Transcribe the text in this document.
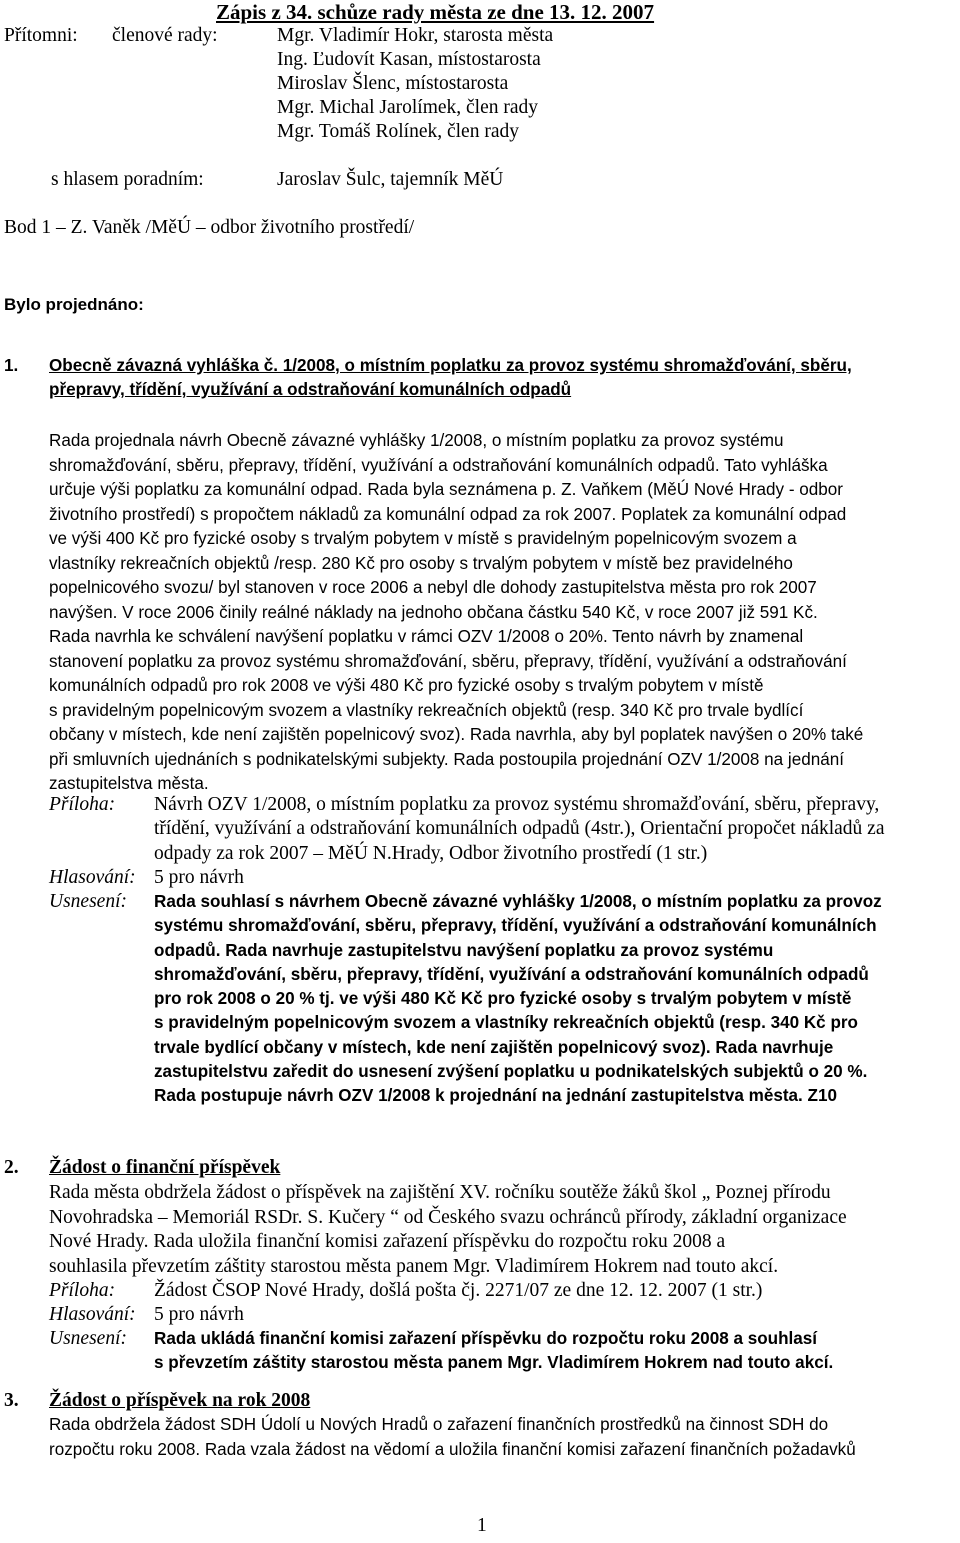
Zápis z 34. schůze rady města ze dne 13. 12. 2007
Přítomni: členové rady:	Mgr. Vladimír Hokr, starosta města
Ing. Ľudovít Kasan, místostarosta
Miroslav Šlenc, místostarosta
Mgr. Michal Jarolímek, člen rady
Mgr. Tomáš Rolínek, člen rady
s hlasem poradním:	Jaroslav Šulc, tajemník MěÚ
Bod 1 – Z. Vaněk /MěÚ – odbor životního prostředí/
Bylo projednáno:
1. Obecně závazná vyhláška č. 1/2008, o místním poplatku za provoz systému shromažďování, sběru,
přepravy, třídění, využívání a odstraňování komunálních odpadů
Rada projednala návrh Obecně závazné vyhlášky 1/2008, o místním poplatku za provoz systému
shromažďování, sběru, přepravy, třídění, využívání a odstraňování komunálních odpadů. Tato vyhláška
určuje výši poplatku za komunální odpad. Rada byla seznámena p. Z. Vaňkem (MěÚ Nové Hrady - odbor
životního prostředí) s propočtem nákladů za komunální odpad za rok 2007. Poplatek za komunální odpad
ve výši 400 Kč pro fyzické osoby s trvalým pobytem v místě s pravidelným popelnicovým svozem a
vlastníky rekreačních objektů /resp. 280 Kč pro osoby s trvalým pobytem v místě bez pravidelného
popelnicového svozu/ byl stanoven v roce 2006 a nebyl dle dohody zastupitelstva města pro rok 2007
navýšen. V roce 2006 činily reálné náklady na jednoho občana částku 540 Kč, v roce 2007 již 591 Kč.
Rada navrhla ke schválení navýšení poplatku v rámci OZV 1/2008 o 20%. Tento návrh by znamenal
stanovení poplatku za provoz systému shromažďování, sběru, přepravy, třídění, využívání a odstraňování
komunálních odpadů pro rok 2008 ve výši 480 Kč pro fyzické osoby s trvalým pobytem v místě
s pravidelným popelnicovým svozem a vlastníky rekreačních objektů (resp. 340 Kč pro trvale bydlící
občany v místech, kde není zajištěn popelnicový svoz). Rada navrhla, aby byl poplatek navýšen o 20% také
při smluvních ujednáních s podnikatelskými subjekty. Rada postoupila projednání OZV 1/2008 na jednání
zastupitelstva města.
Příloha: Návrh OZV 1/2008, o místním poplatku za provoz systému shromažďování, sběru, přepravy,
třídění, využívání a odstraňování komunálních odpadů (4str.), Orientační propočet nákladů za
odpady za rok 2007 – MěÚ N.Hrady, Odbor životního prostředí (1 str.)
Hlasování: 5 pro návrh
Usnesení: Rada souhlasí s návrhem Obecně závazné vyhlášky 1/2008, o místním poplatku za provoz
systému shromažďování, sběru, přepravy, třídění, využívání a odstraňování komunálních
odpadů. Rada navrhuje zastupitelstvu navýšení poplatku za provoz systému
shromažďování, sběru, přepravy, třídění, využívání a odstraňování komunálních odpadů
pro rok 2008 o 20 % tj. ve výši 480 Kč Kč pro fyzické osoby s trvalým pobytem v místě
s pravidelným popelnicovým svozem a vlastníky rekreačních objektů (resp. 340 Kč pro
trvale bydlící občany v místech, kde není zajištěn popelnicový svoz). Rada navrhuje
zastupitelstvu zaředit do usnesení zvýšení poplatku u podnikatelských subjektů o 20 %.
Rada postupuje návrh OZV 1/2008 k projednání na jednání zastupitelstva města. Z10
2. Žádost o finanční příspěvek
Rada města obdržela žádost o příspěvek na zajištění XV. ročníku soutěže žáků škol „ Poznej přírodu
Novohradska – Memoriál RSDr. S. Kučery “ od Českého svazu ochránců přírody, základní organizace
Nové Hrady. Rada uložila finanční komisi zařazení příspěvku do rozpočtu roku 2008 a
souhlasila převzetím záštity starostou města panem Mgr. Vladimírem Hokrem nad touto akcí.
Příloha: Žádost ČSOP Nové Hrady, došlá pošta čj. 2271/07 ze dne 12. 12. 2007 (1 str.)
Hlasování: 5 pro návrh
Usnesení: Rada ukládá finanční komisi zařazení příspěvku do rozpočtu roku 2008 a souhlasí
s převzetím záštity starostou města panem Mgr. Vladimírem Hokrem nad touto akcí.
3. Žádost o příspěvek na rok 2008
Rada obdržela žádost SDH Údolí u Nových Hradů o zařazení finančních prostředků na činnost SDH do
rozpočtu roku 2008. Rada vzala žádost na vědomí a uložila finanční komisi zařazení finančních požadavků
1
